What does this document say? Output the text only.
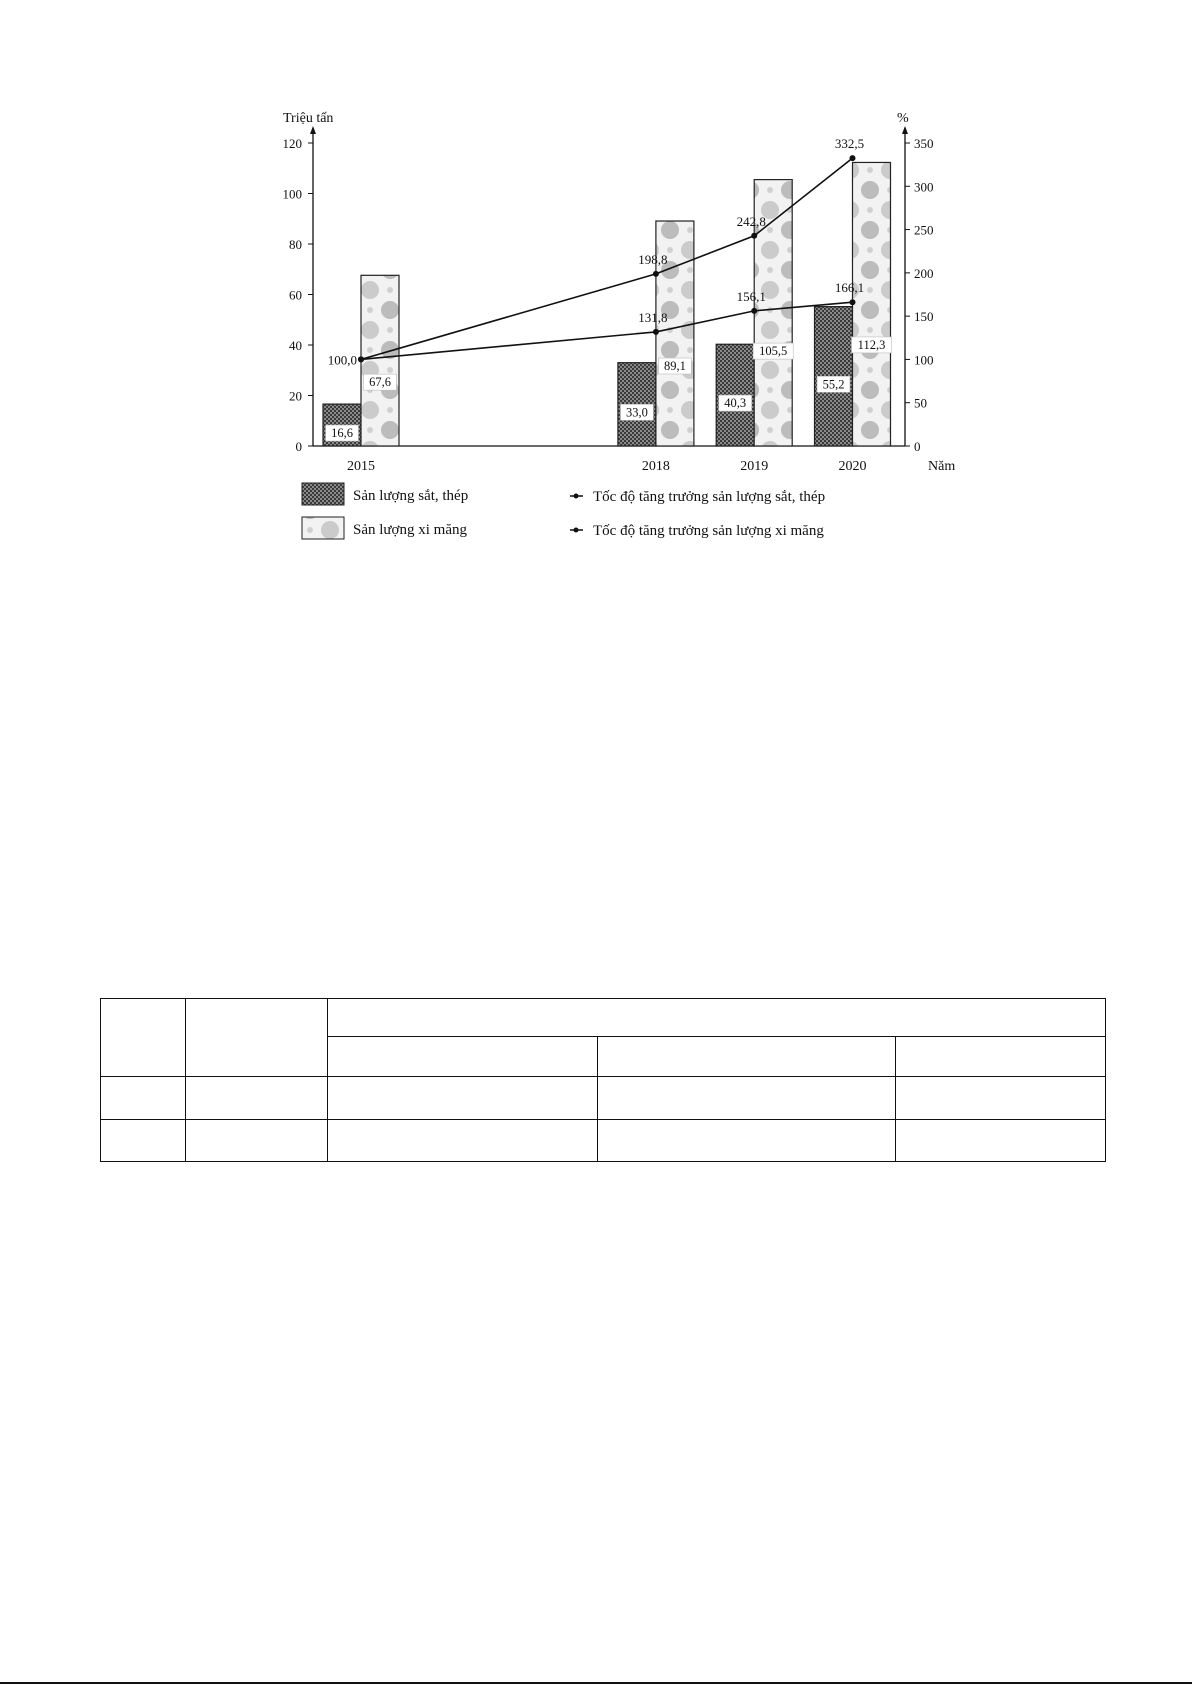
Triệu tấn	%
Năm
0
20
40
60
80
100
120
0
50
100
150
200
250
300
350
2015	2018	2019	2020
16,6
33,0
40,3
55,2
67,6
89,1
105,5	112,3
100,0
198,8
242,8
332,5
131,8
156,1
166,1
Sản lượng sắt, thép
Sản lượng xi măng
Tốc độ tăng trưởng sản lượng sắt, thép
Tốc độ tăng trưởng sản lượng xi măng
